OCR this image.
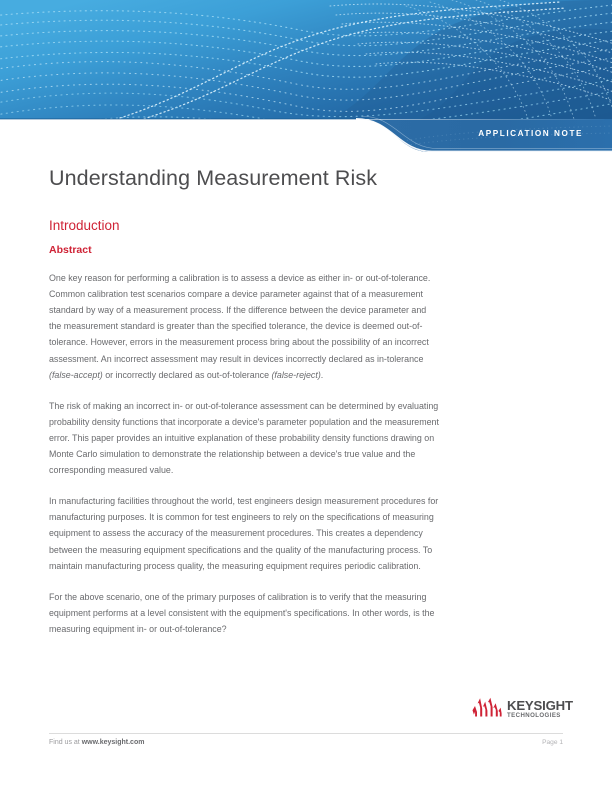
APPLICATION NOTE
Understanding Measurement Risk
Introduction
Abstract

One key reason for performing a calibration is to assess a device as either in- or out-of-tolerance. Common calibration test scenarios compare a device parameter against that of a measurement standard by way of a measurement process. If the difference between the device parameter and the measurement standard is greater than the specified tolerance, the device is deemed out-of-tolerance. However, errors in the measurement process bring about the possibility of an incorrect assessment. An incorrect assessment may result in devices incorrectly declared as in-tolerance (false-accept) or incorrectly declared as out-of-tolerance (false-reject).

The risk of making an incorrect in- or out-of-tolerance assessment can be determined by evaluating probability density functions that incorporate a device's parameter population and the measurement error. This paper provides an intuitive explanation of these probability density functions drawing on Monte Carlo simulation to demonstrate the relationship between a device's true value and the corresponding measured value.

In manufacturing facilities throughout the world, test engineers design measurement procedures for manufacturing purposes. It is common for test engineers to rely on the specifications of measuring equipment to assess the accuracy of the measurement procedures. This creates a dependency between the measuring equipment specifications and the quality of the manufacturing process. To maintain manufacturing process quality, the measuring equipment requires periodic calibration.

For the above scenario, one of the primary purposes of calibration is to verify that the measuring equipment performs at a level consistent with the equipment's specifications. In other words, is the measuring equipment in- or out-of-tolerance?

KEYSIGHT
TECHNOLOGIES
Find us at www.keysight.com	Page 1
